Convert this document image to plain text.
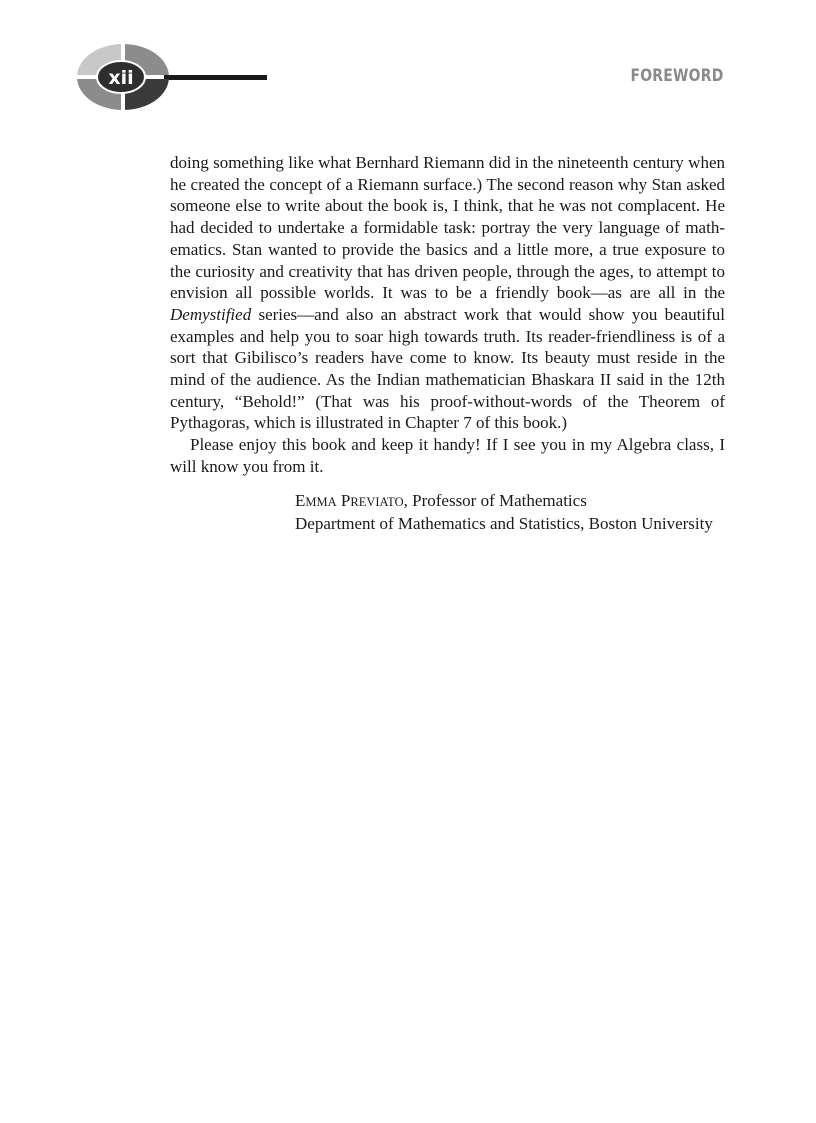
xii	FOREWORD

doing something like what Bernhard Riemann did in the nineteenth century when he created the concept of a Riemann surface.) The second reason why Stan asked someone else to write about the book is, I think, that he was not complacent. He had decided to undertake a formidable task: portray the very language of mathematics. Stan wanted to provide the basics and a little more, a true exposure to the curiosity and creativity that has driven people, through the ages, to attempt to envision all possible worlds. It was to be a friendly book—as are all in the Demystified series—and also an abstract work that would show you beautiful examples and help you to soar high towards truth. Its reader-friendliness is of a sort that Gibilisco’s readers have come to know. Its beauty must reside in the mind of the audience. As the Indian mathematician Bhaskara II said in the 12th century, “Behold!” (That was his proof-without-words of the Theorem of Pythagoras, which is illustrated in Chapter 7 of this book.)

Please enjoy this book and keep it handy! If I see you in my Algebra class, I will know you from it.

EMMA PREVIATO, Professor of Mathematics
Department of Mathematics and Statistics, Boston University
